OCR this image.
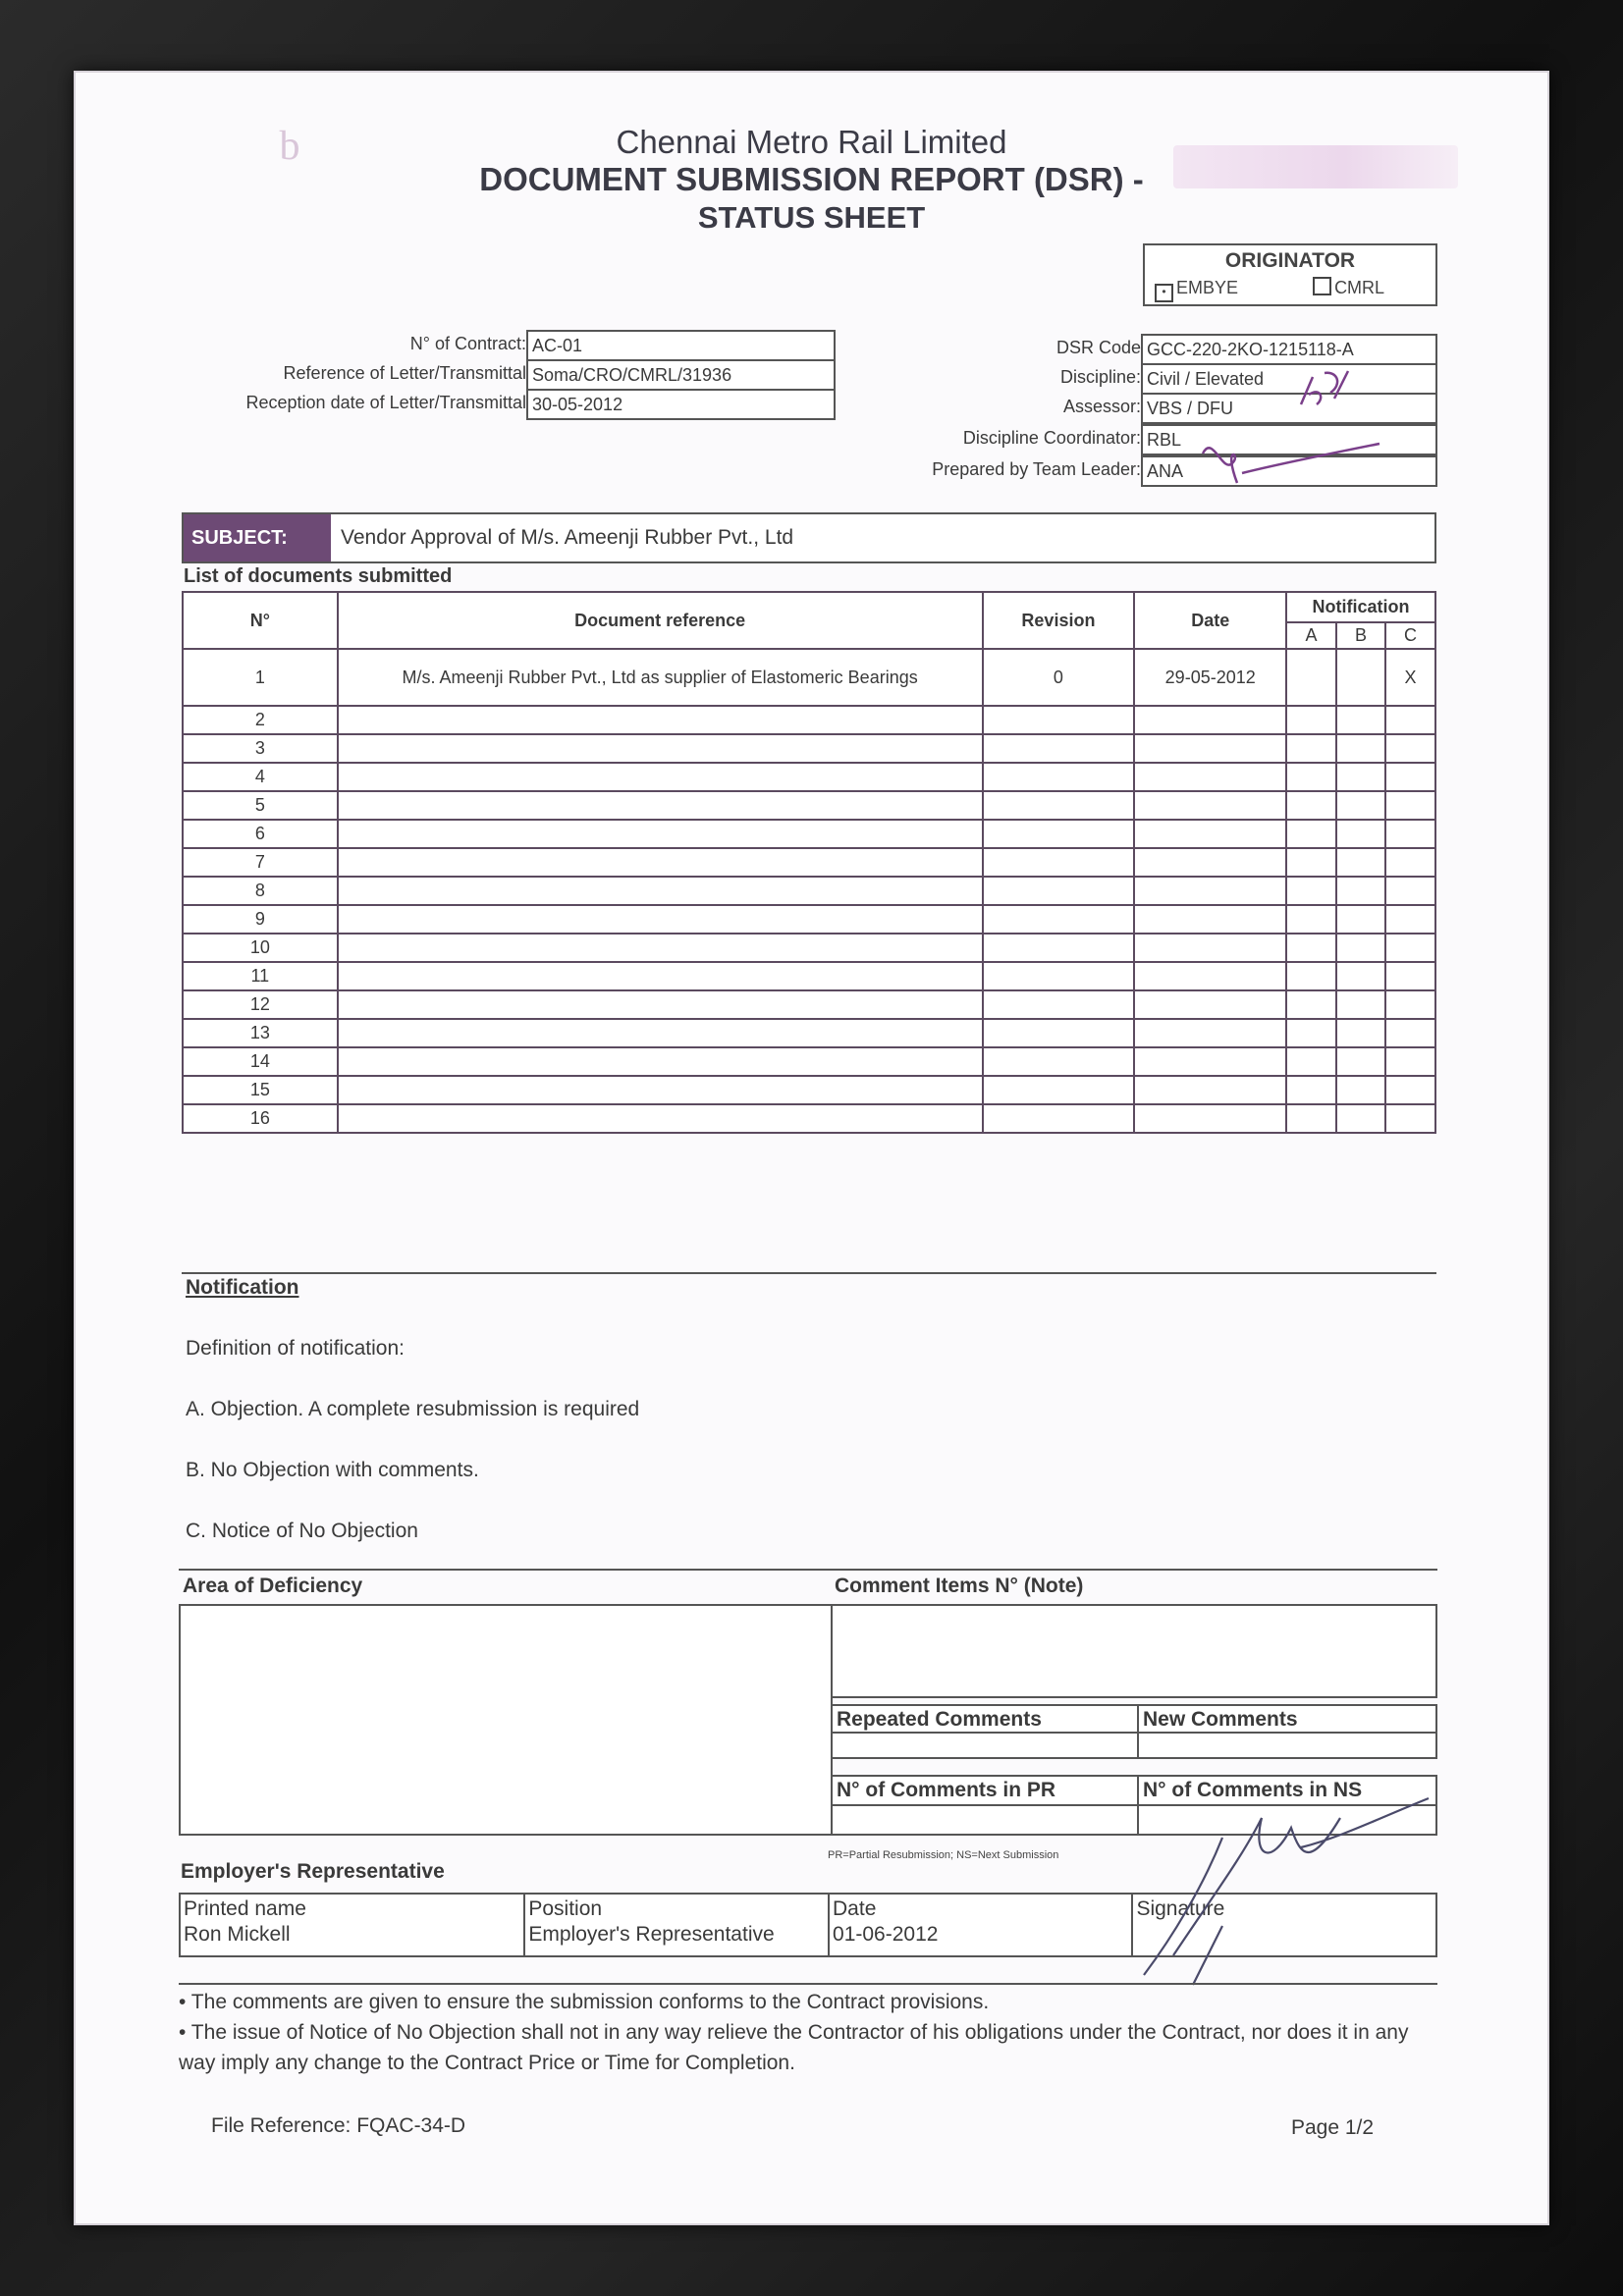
b	Chennai Metro Rail Limited
DOCUMENT SUBMISSION REPORT (DSR) -
STATUS SHEET
ORIGINATOR
• EMBYE	CMRL
N° of Contract: AC-01
Reference of Letter/Transmittal Soma/CRO/CMRL/31936
Reception date of Letter/Transmittal 30-05-2012
DSR Code GCC-220-2KO-1215118-A
Discipline: Civil / Elevated
Assessor: VBS / DFU
Discipline Coordinator: RBL
Prepared by Team Leader: ANA
SUBJECT:	Vendor Approval of M/s. Ameenji Rubber Pvt., Ltd
List of documents submitted
N°	Document reference	Revision	Date	Notification		
				A	B	C
1	M/s. Ameenji Rubber Pvt., Ltd as supplier of Elastomeric Bearings	0	29-05-2012			X
2						
3						
4						
5						
6						
7						
8						
9						
10						
11						
12						
13						
14						
15						
16						
Notification
Definition of notification:
A. Objection. A complete resubmission is required
B. No Objection with comments.
C. Notice of No Objection
Area of Deficiency	Comment Items N° (Note)
Repeated Comments	New Comments
N° of Comments in PR	N° of Comments in NS
PR=Partial Resubmission; NS=Next Submission
Employer's Representative
Printed name
Ron Mickell

Position
Employer's Representative

Date
01-06-2012

Signature
• The comments are given to ensure the submission conforms to the Contract provisions.
• The issue of Notice of No Objection shall not in any way relieve the Contractor of his obligations under the Contract, nor does it in any way imply any change to the Contract Price or Time for Completion.
File Reference: FQAC-34-D	Page 1/2
